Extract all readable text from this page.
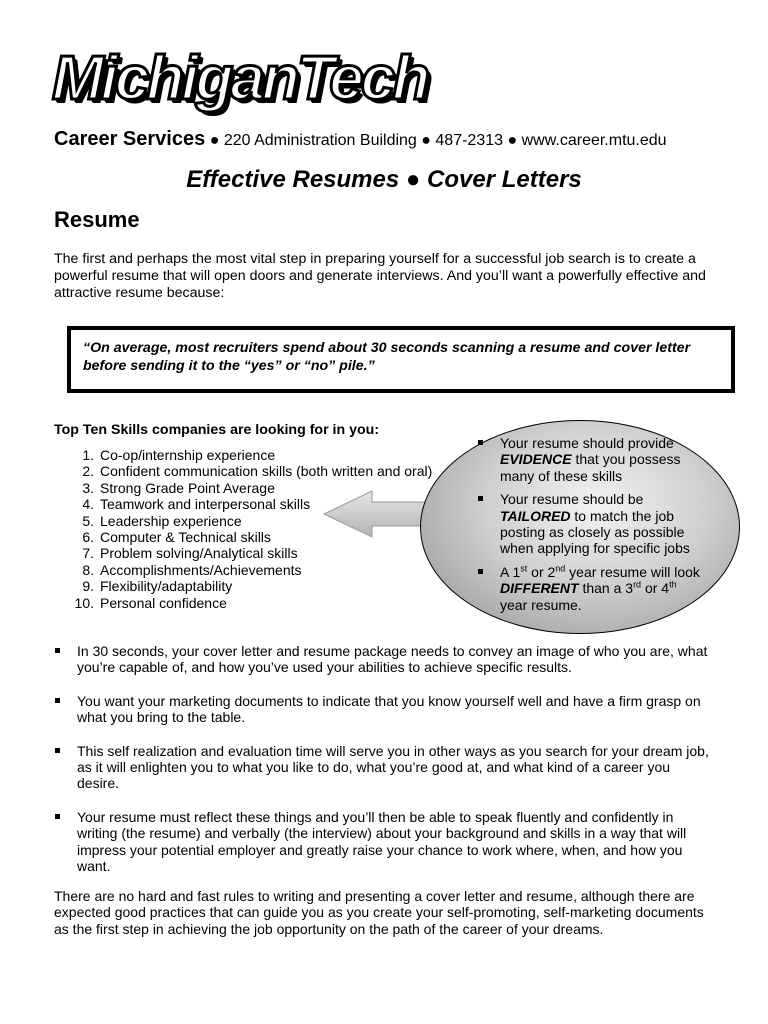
MichiganTech
Career Services ● 220 Administration Building ● 487-2313 ● www.career.mtu.edu
Effective Resumes ● Cover Letters
Resume
The first and perhaps the most vital step in preparing yourself for a successful job search is to create a powerful resume that will open doors and generate interviews. And you’ll want a powerfully effective and attractive resume because:
“On average, most recruiters spend about 30 seconds scanning a resume and cover letter before sending it to the “yes” or “no” pile.”
Top Ten Skills companies are looking for in you:
1. Co-op/internship experience
2. Confident communication skills (both written and oral)
3. Strong Grade Point Average
4. Teamwork and interpersonal skills
5. Leadership experience
6. Computer & Technical skills
7. Problem solving/Analytical skills
8. Accomplishments/Achievements
9. Flexibility/adaptability
10. Personal confidence
Your resume should provide EVIDENCE that you possess many of these skills
Your resume should be TAILORED to match the job posting as closely as possible when applying for specific jobs
A 1st or 2nd year resume will look DIFFERENT than a 3rd or 4th year resume.
In 30 seconds, your cover letter and resume package needs to convey an image of who you are, what you’re capable of, and how you’ve used your abilities to achieve specific results.
You want your marketing documents to indicate that you know yourself well and have a firm grasp on what you bring to the table.
This self realization and evaluation time will serve you in other ways as you search for your dream job, as it will enlighten you to what you like to do, what you’re good at, and what kind of a career you desire.
Your resume must reflect these things and you’ll then be able to speak fluently and confidently in writing (the resume) and verbally (the interview) about your background and skills in a way that will impress your potential employer and greatly raise your chance to work where, when, and how you want.
There are no hard and fast rules to writing and presenting a cover letter and resume, although there are expected good practices that can guide you as you create your self-promoting, self-marketing documents as the first step in achieving the job opportunity on the path of the career of your dreams.
